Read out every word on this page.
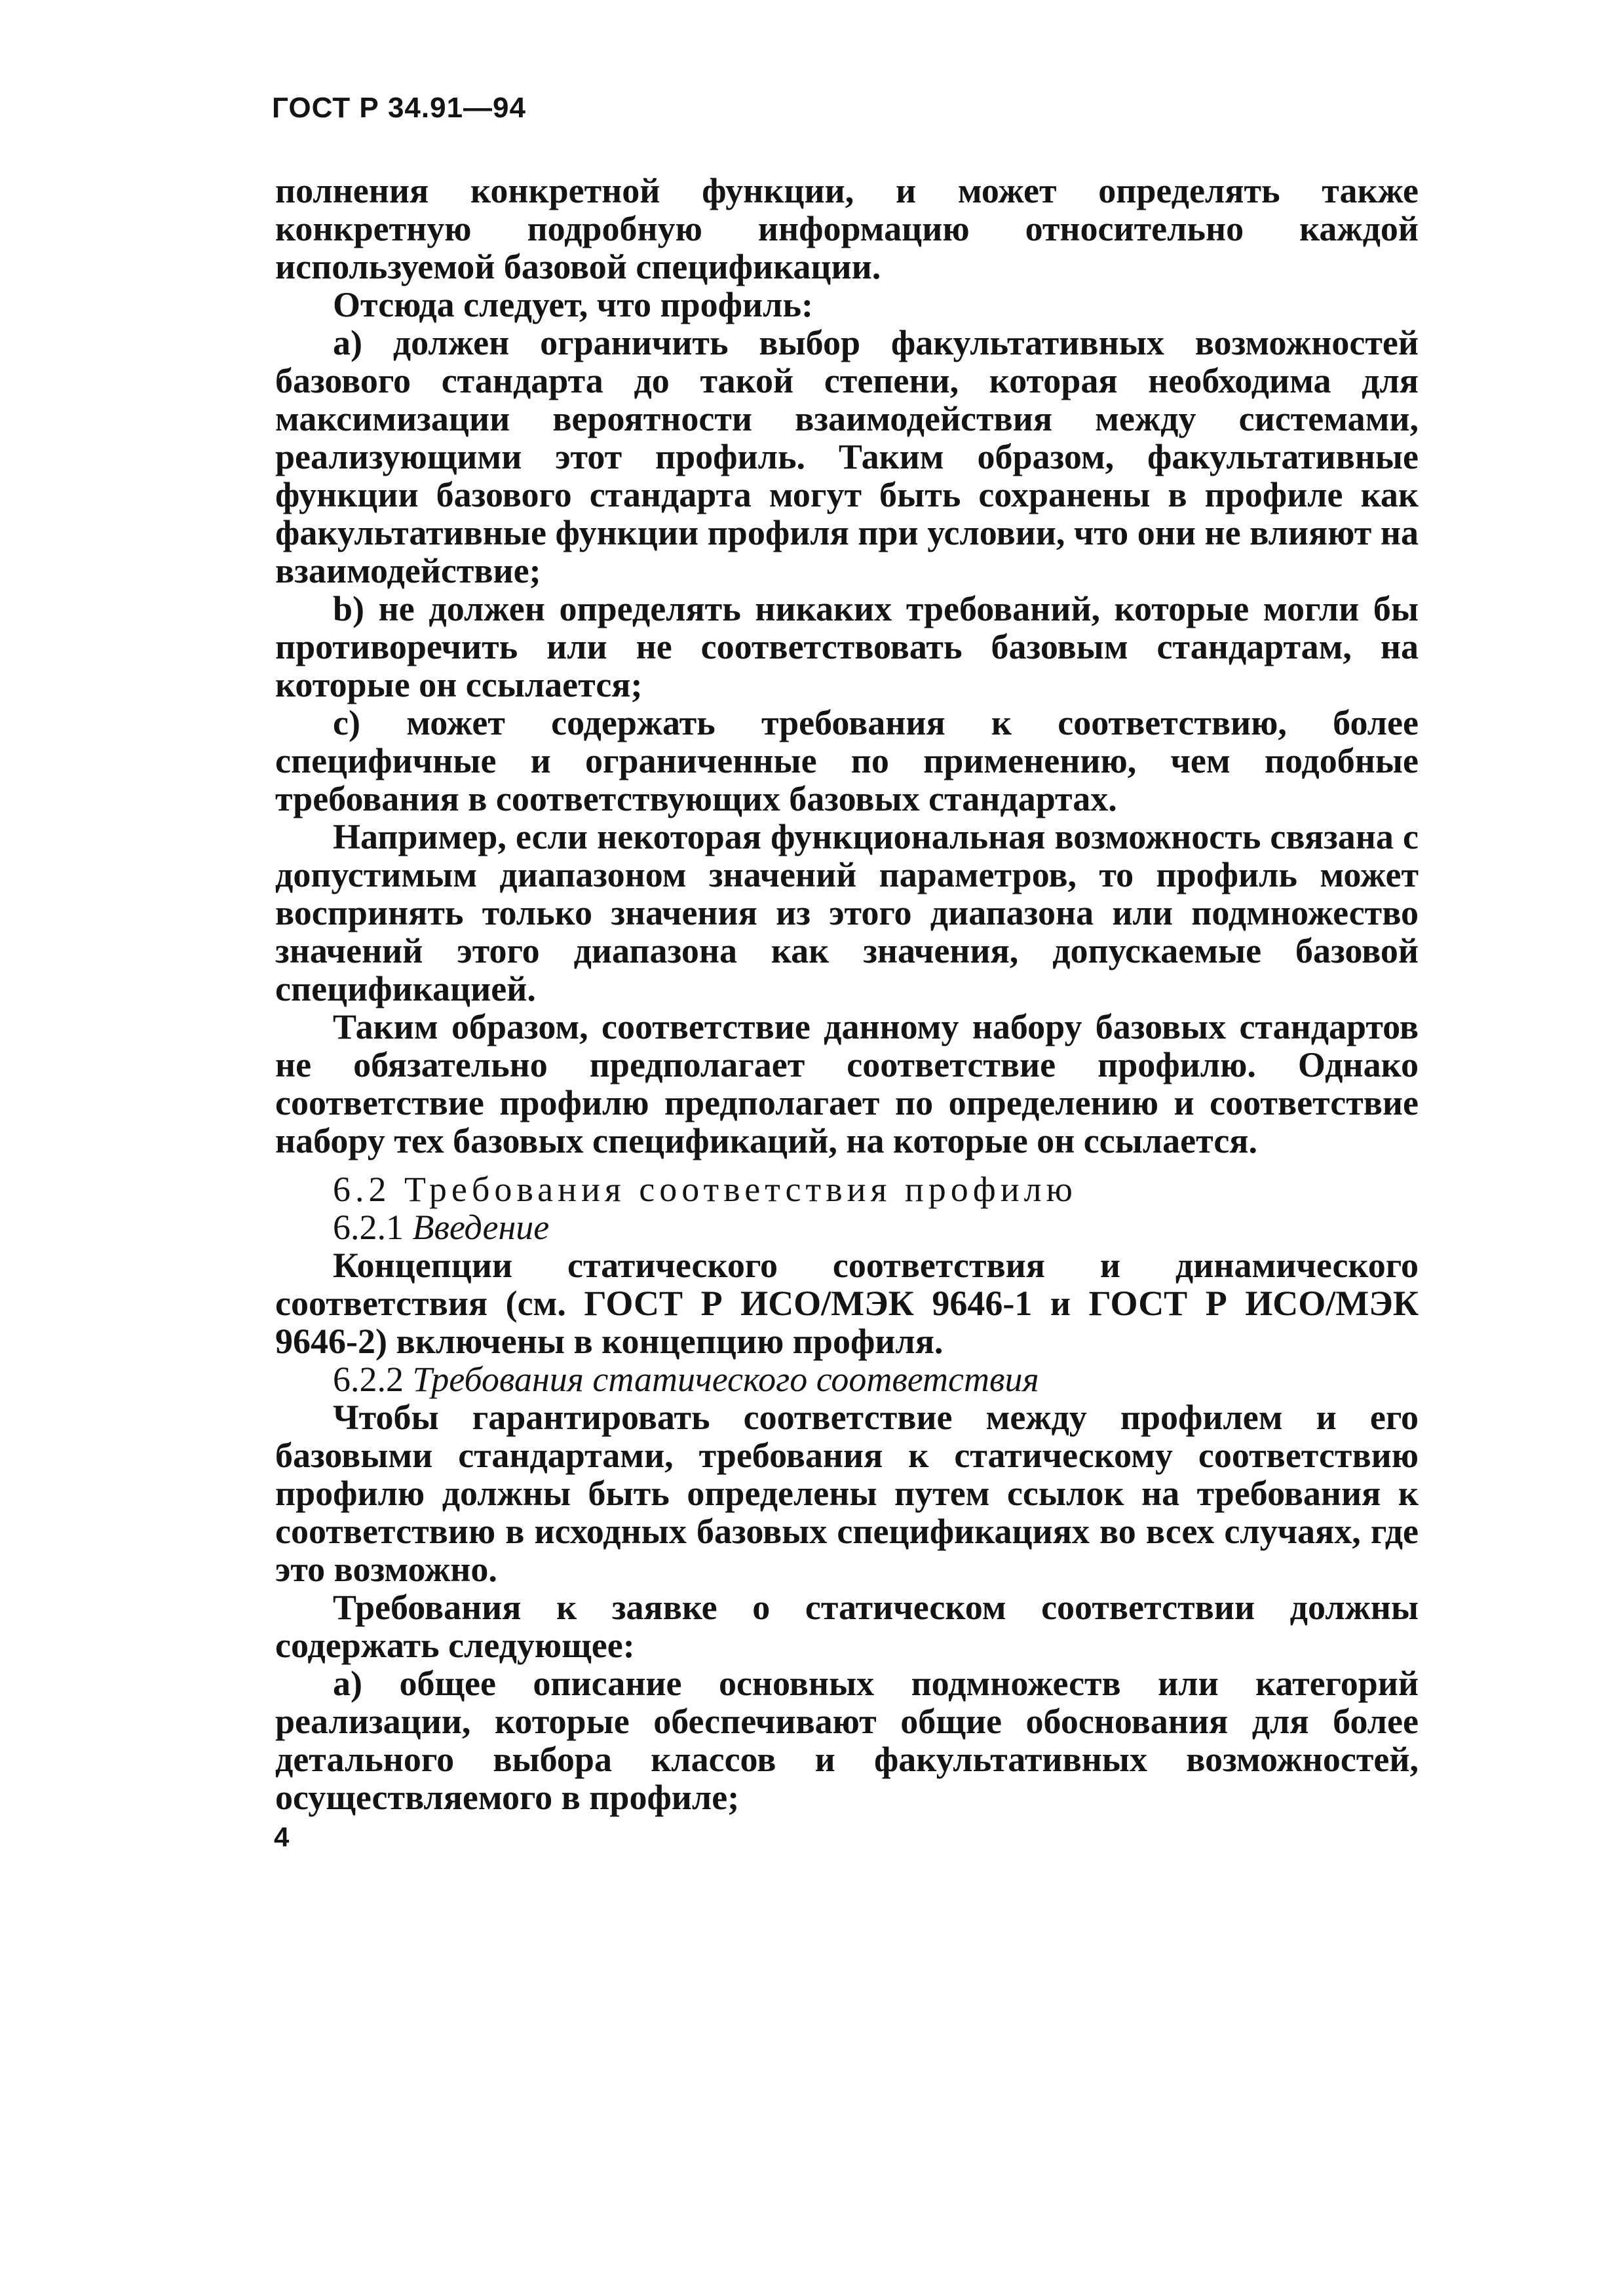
ГОСТ Р 34.91—94

полнения конкретной функции, и может определять также конкретную подробную информацию относительно каждой используемой базовой спецификации.

Отсюда следует, что профиль:

а) должен ограничить выбор факультативных возможностей базового стандарта до такой степени, которая необходима для максимизации вероятности взаимодействия между системами, реализующими этот профиль. Таким образом, факультативные функции базового стандарта могут быть сохранены в профиле как факультативные функции профиля при условии, что они не влияют на взаимодействие;

b) не должен определять никаких требований, которые могли бы противоречить или не соответствовать базовым стандартам, на которые он ссылается;

с) может содержать требования к соответствию, более специфичные и ограниченные по применению, чем подобные требования в соответствующих базовых стандартах.

Например, если некоторая функциональная возможность связана с допустимым диапазоном значений параметров, то профиль может воспринять только значения из этого диапазона или подмножество значений этого диапазона как значения, допускаемые базовой спецификацией.

Таким образом, соответствие данному набору базовых стандартов не обязательно предполагает соответствие профилю. Однако соответствие профилю предполагает по определению и соответствие набору тех базовых спецификаций, на которые он ссылается.

6.2 Требования соответствия профилю
6.2.1 Введение

Концепции статического соответствия и динамического соответствия (см. ГОСТ Р ИСО/МЭК 9646-1 и ГОСТ Р ИСО/МЭК 9646-2) включены в концепцию профиля.

6.2.2 Требования статического соответствия

Чтобы гарантировать соответствие между профилем и его базовыми стандартами, требования к статическому соответствию профилю должны быть определены путем ссылок на требования к соответствию в исходных базовых спецификациях во всех случаях, где это возможно.

Требования к заявке о статическом соответствии должны содержать следующее:

а) общее описание основных подмножеств или категорий реализации, которые обеспечивают общие обоснования для более детального выбора классов и факультативных возможностей, осуществляемого в профиле;

4
